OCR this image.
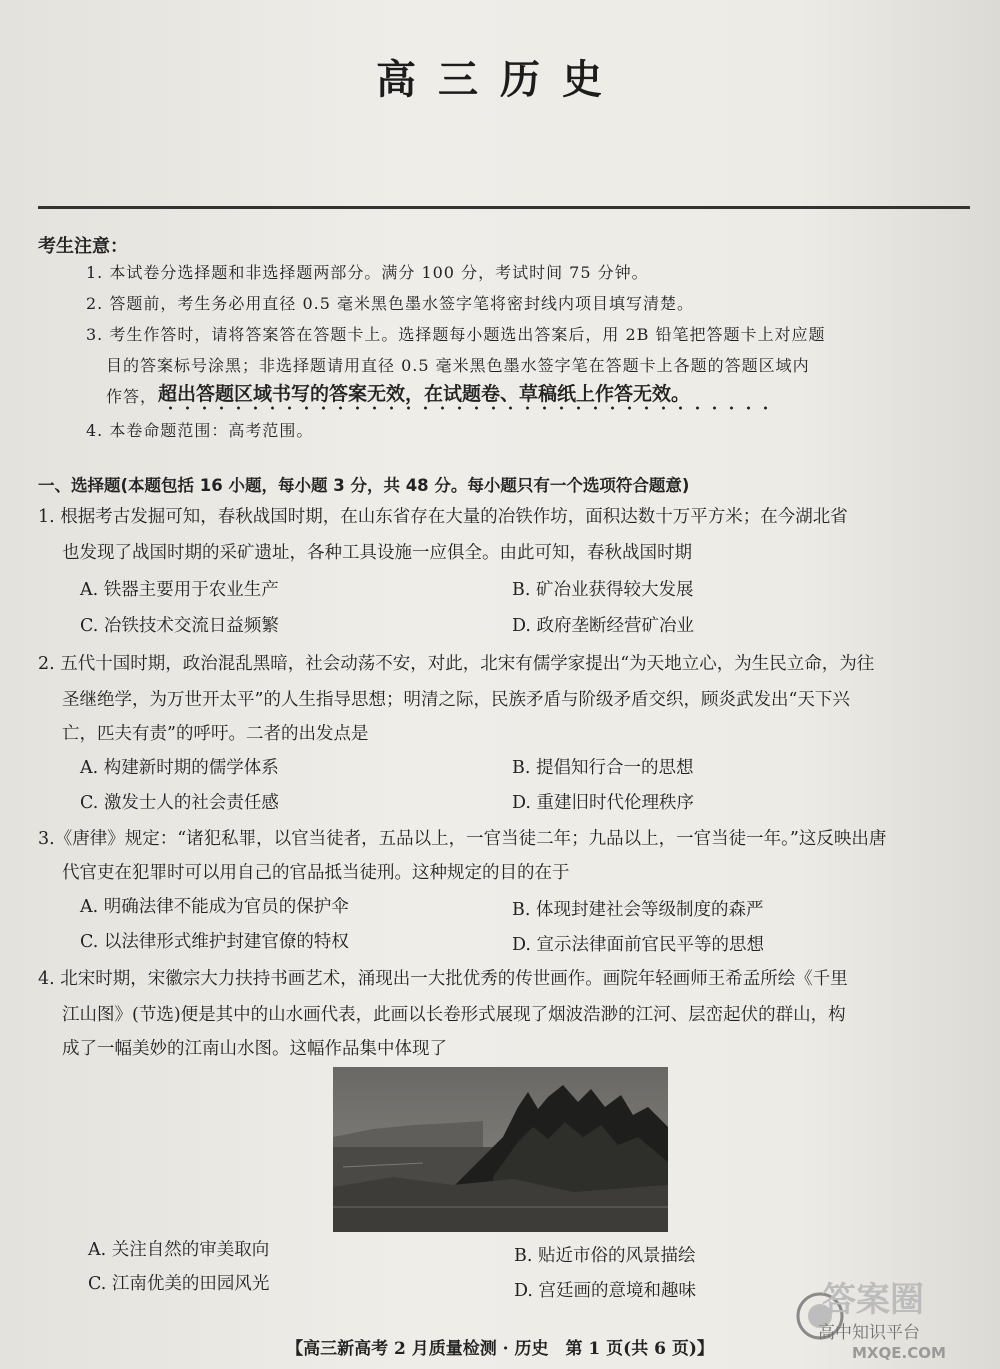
高三历史
考生注意：
1. 本试卷分选择题和非选择题两部分。满分 100 分，考试时间 75 分钟。
2. 答题前，考生务必用直径 0.5 毫米黑色墨水签字笔将密封线内项目填写清楚。
3. 考生作答时，请将答案答在答题卡上。选择题每小题选出答案后，用 2B 铅笔把答题卡上对应题
目的答案标号涂黑；非选择题请用直径 0.5 毫米黑色墨水签字笔在答题卡上各题的答题区域内
作答， 超出答题区域书写的答案无效，在试题卷、草稿纸上作答无效。
4. 本卷命题范围：高考范围。
一、选择题(本题包括 16 小题，每小题 3 分，共 48 分。每小题只有一个选项符合题意)
1. 根据考古发掘可知，春秋战国时期，在山东省存在大量的冶铁作坊，面积达数十万平方米；在今湖北省
也发现了战国时期的采矿遗址，各种工具设施一应俱全。由此可知，春秋战国时期
A. 铁器主要用于农业生产	B. 矿冶业获得较大发展
C. 冶铁技术交流日益频繁	D. 政府垄断经营矿冶业
2. 五代十国时期，政治混乱黑暗，社会动荡不安，对此，北宋有儒学家提出“为天地立心，为生民立命，为往
圣继绝学，为万世开太平”的人生指导思想；明清之际，民族矛盾与阶级矛盾交织，顾炎武发出“天下兴
亡，匹夫有责”的呼吁。二者的出发点是
A. 构建新时期的儒学体系	B. 提倡知行合一的思想
C. 激发士人的社会责任感	D. 重建旧时代伦理秩序
3.《唐律》规定：“诸犯私罪，以官当徒者，五品以上，一官当徒二年；九品以上，一官当徒一年。”这反映出唐
代官吏在犯罪时可以用自己的官品抵当徒刑。这种规定的目的在于
A. 明确法律不能成为官员的保护伞	B. 体现封建社会等级制度的森严
C. 以法律形式维护封建官僚的特权	D. 宣示法律面前官民平等的思想
4. 北宋时期，宋徽宗大力扶持书画艺术，涌现出一大批优秀的传世画作。画院年轻画师王希孟所绘《千里
江山图》(节选)便是其中的山水画代表，此画以长卷形式展现了烟波浩渺的江河、层峦起伏的群山，构
成了一幅美妙的江南山水图。这幅作品集中体现了
A. 关注自然的审美取向	B. 贴近市俗的风景描绘
C. 江南优美的田园风光	D. 宫廷画的意境和趣味
【高三新高考 2 月质量检测 · 历史　第 1 页(共 6 页)】
答案圈
高中知识平台
MXQE.COM
